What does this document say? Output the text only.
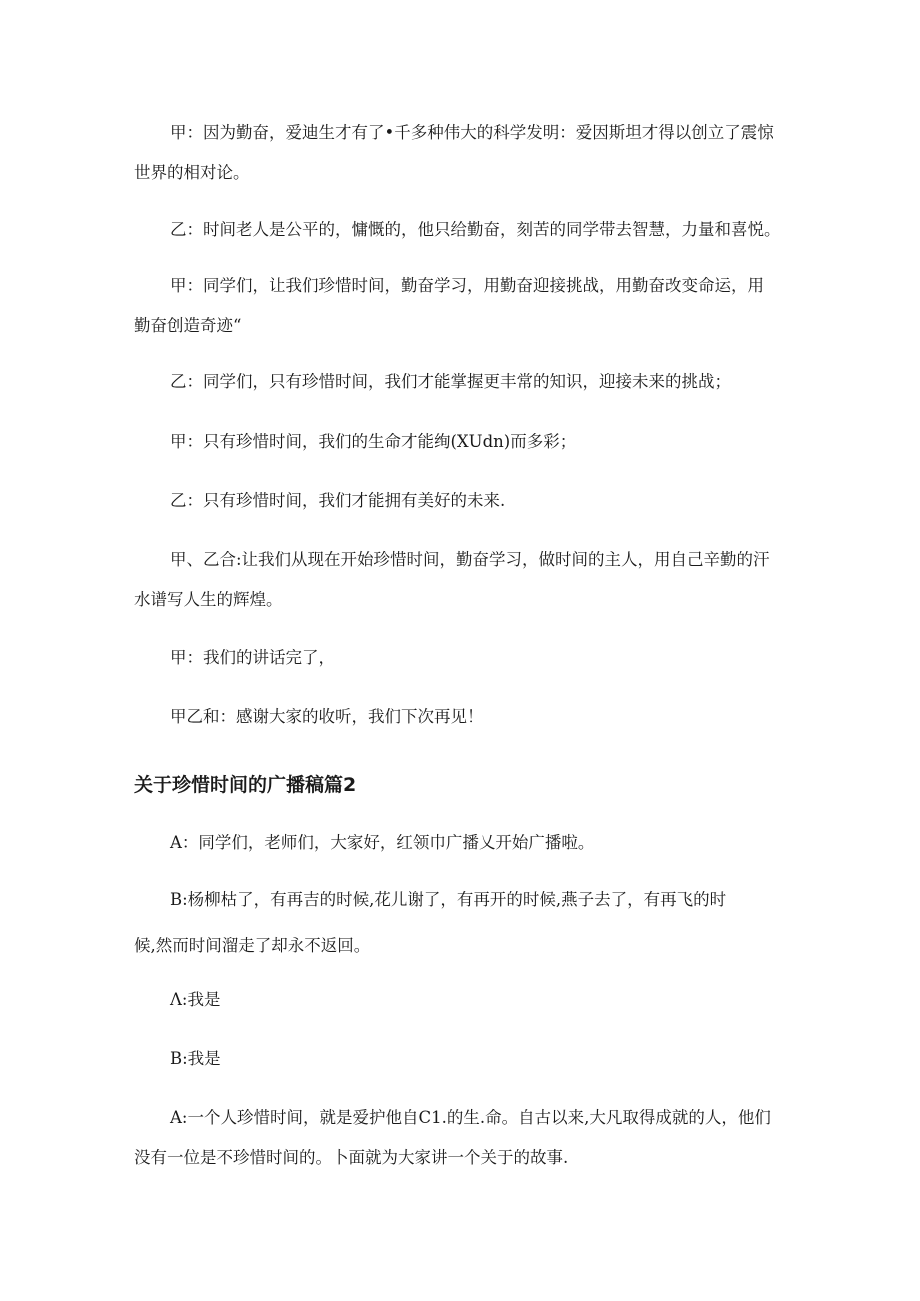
甲：因为勤奋，爱迪生才有了•千多种伟大的科学发明：爱因斯坦才得以创立了震惊
世界的相对论。
乙：时间老人是公平的，慵慨的，他只给勤奋，刻苦的同学带去智慧，力量和喜悦。
甲：同学们，让我们珍惜时间，勤奋学习，用勤奋迎接挑战，用勤奋改变命运，用
勤奋创造奇迹“
乙：同学们，只有珍惜时间，我们才能掌握更丰常的知识，迎接未来的挑战；
甲：只有珍惜时间，我们的生命才能绚(XUdn)而多彩；
乙：只有珍惜时间，我们才能拥有美好的未来.
甲、乙合:让我们从现在开始珍惜时间，勤奋学习，做时间的主人，用自己辛勤的汗
水谱写人生的辉煌。
甲：我们的讲话完了，
甲乙和：感谢大家的收听，我们下次再见！
关于珍惜时间的广播稿篇2
A：同学们，老师们，大家好，红领巾广播乂开始广播啦。
B:杨柳枯了，有再吉的时候,花儿谢了，有再开的时候,燕子去了，有再飞的时
候,然而时间溜走了却永不返回。
Λ:我是
B:我是
A:一个人珍惜时间，就是爱护他自C1.的生.命。自古以来,大凡取得成就的人，他们
没有一位是不珍惜时间的。卜面就为大家讲一个关于的故事.
